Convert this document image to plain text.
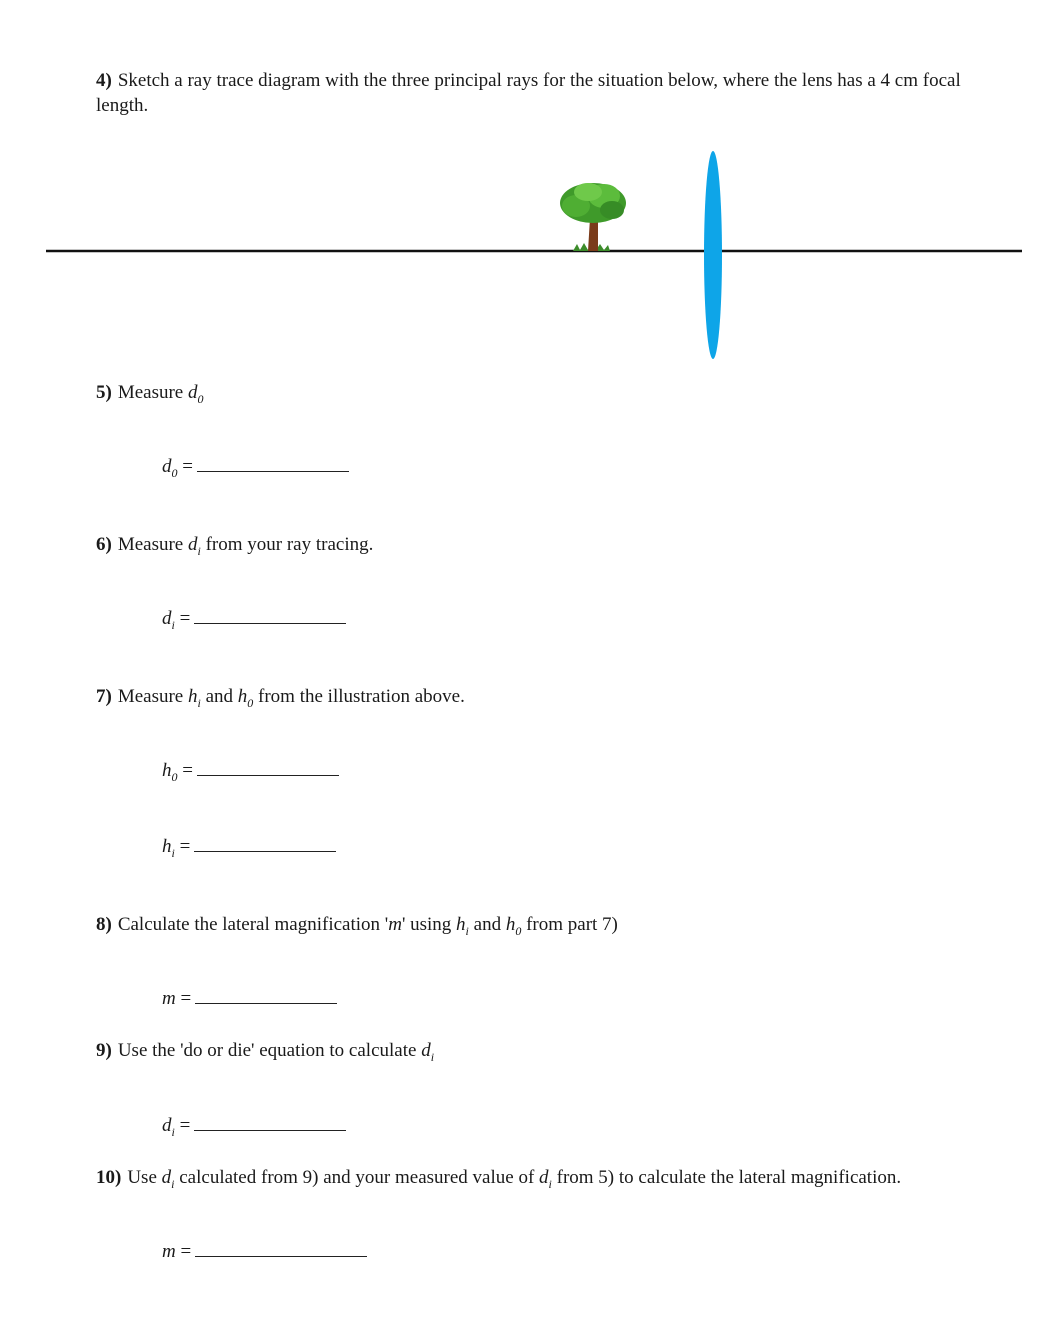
4) Sketch a ray trace diagram with the three principal rays for the situation below, where the lens has a 4 cm focal length.
5) Measure $d_0$
$d_0$ =
6) Measure $d_i$ from your ray tracing.
$d_i$ =
7) Measure $h_i$ and $h_0$ from the illustration above.
$h_0$ =
$h_i$ =
8) Calculate the lateral magnification 'm' using $h_i$ and $h_0$ from part 7)
m =
9) Use the 'do or die' equation to calculate $d_i$
$d_i$ =
10) Use $d_i$ calculated from 9) and your measured value of $d_i$ from 5) to calculate the lateral magnification.
m =
